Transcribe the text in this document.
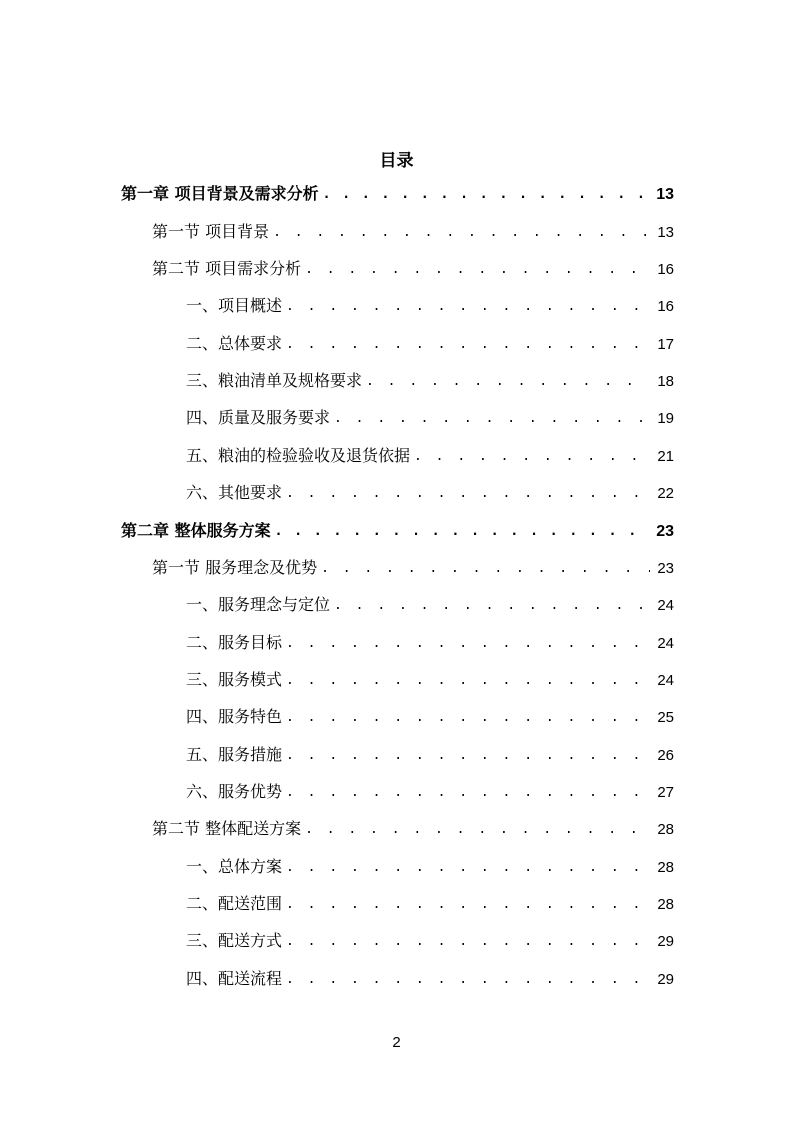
目录
第一章 项目背景及需求分析 . . .	13
第一节 项目背景 . . .	13
第二节 项目需求分析 . . .	16
一、项目概述 . . .	16
二、总体要求 . . .	17
三、粮油清单及规格要求 . . .	18
四、质量及服务要求 . . .	19
五、粮油的检验验收及退货依据 . . .	21
六、其他要求 . . .	22
第二章 整体服务方案 . . .	23
第一节 服务理念及优势 . . .	23
一、服务理念与定位 . . .	24
二、服务目标 . . .	24
三、服务模式 . . .	24
四、服务特色 . . .	25
五、服务措施 . . .	26
六、服务优势 . . .	27
第二节 整体配送方案 . . .	28
一、总体方案 . . .	28
二、配送范围 . . .	28
三、配送方式 . . .	29
四、配送流程 . . .	29
2
